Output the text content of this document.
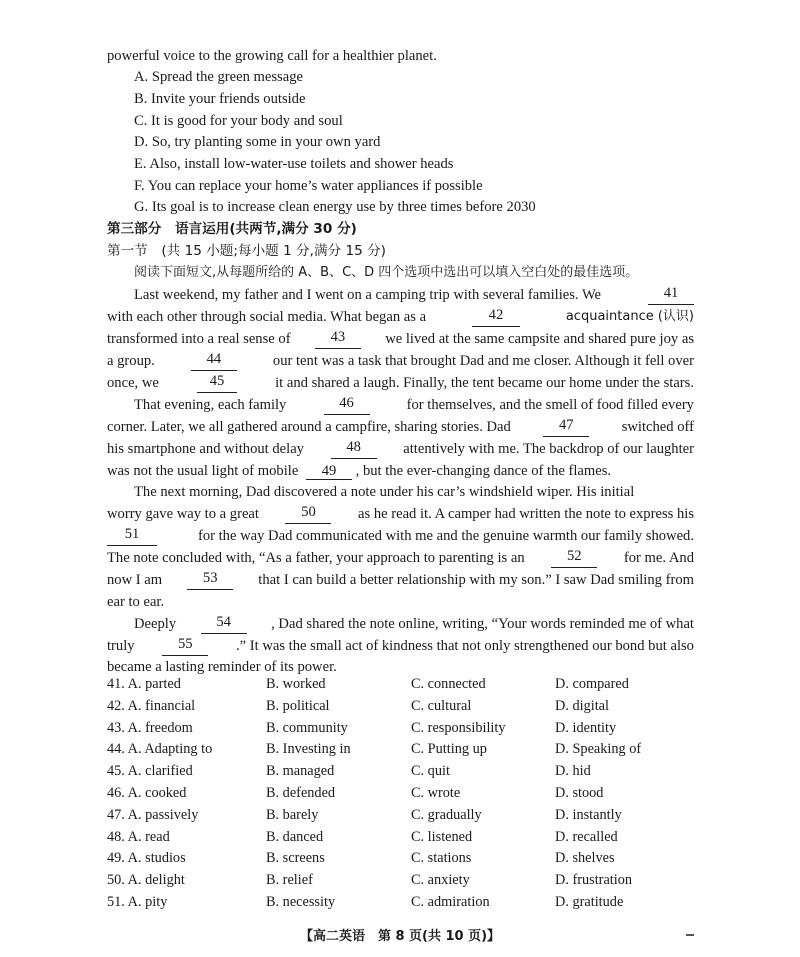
powerful voice to the growing call for a healthier planet.
A. Spread the green message
B. Invite your friends outside
C. It is good for your body and soul
D. So, try planting some in your own yard
E. Also, install low-water-use toilets and shower heads
F. You can replace your home’s water appliances if possible
G. Its goal is to increase clean energy use by three times before 2030
第三部分　语言运用(共两节,满分 30 分)
第一节　(共 15 小题;每小题 1 分,满分 15 分)
阅读下面短文,从每题所给的 A、B、C、D 四个选项中选出可以填入空白处的最佳选项。
Last weekend, my father and I went on a camping trip with several families. We	41
with each other through social media. What began as a	42	acquaintance (认识)
transformed into a real sense of	43	we lived at the same campsite and shared pure joy as
a group.	44	our tent was a task that brought Dad and me closer. Although it fell over
once, we	45	it and shared a laugh. Finally, the tent became our home under the stars.
That evening, each family	46	for themselves, and the smell of food filled every
corner. Later, we all gathered around a campfire, sharing stories. Dad	47	switched off
his smartphone and without delay	48	attentively with me. The backdrop of our laughter
was not the usual light of mobile 49 , but the ever-changing dance of the flames.
The next morning, Dad discovered a note under his car’s windshield wiper. His initial
worry gave way to a great	50	as he read it. A camper had written the note to express his
51	for the way Dad communicated with me and the genuine warmth our family showed.
The note concluded with, “As a father, your approach to parenting is an	52	for me. And
now I am	53	that I can build a better relationship with my son.” I saw Dad smiling from
ear to ear.
Deeply	54	, Dad shared the note online, writing, “Your words reminded me of what
truly	55	.” It was the small act of kindness that not only strengthened our bond but also
became a lasting reminder of its power.
41. A. parted	B. worked	C. connected	D. compared
42. A. financial	B. political	C. cultural	D. digital
43. A. freedom	B. community	C. responsibility	D. identity
44. A. Adapting to	B. Investing in	C. Putting up	D. Speaking of
45. A. clarified	B. managed	C. quit	D. hid
46. A. cooked	B. defended	C. wrote	D. stood
47. A. passively	B. barely	C. gradually	D. instantly
48. A. read	B. danced	C. listened	D. recalled
49. A. studios	B. screens	C. stations	D. shelves
50. A. delight	B. relief	C. anxiety	D. frustration
51. A. pity	B. necessity	C. admiration	D. gratitude
【高二英语　第 8 页(共 10 页)】
